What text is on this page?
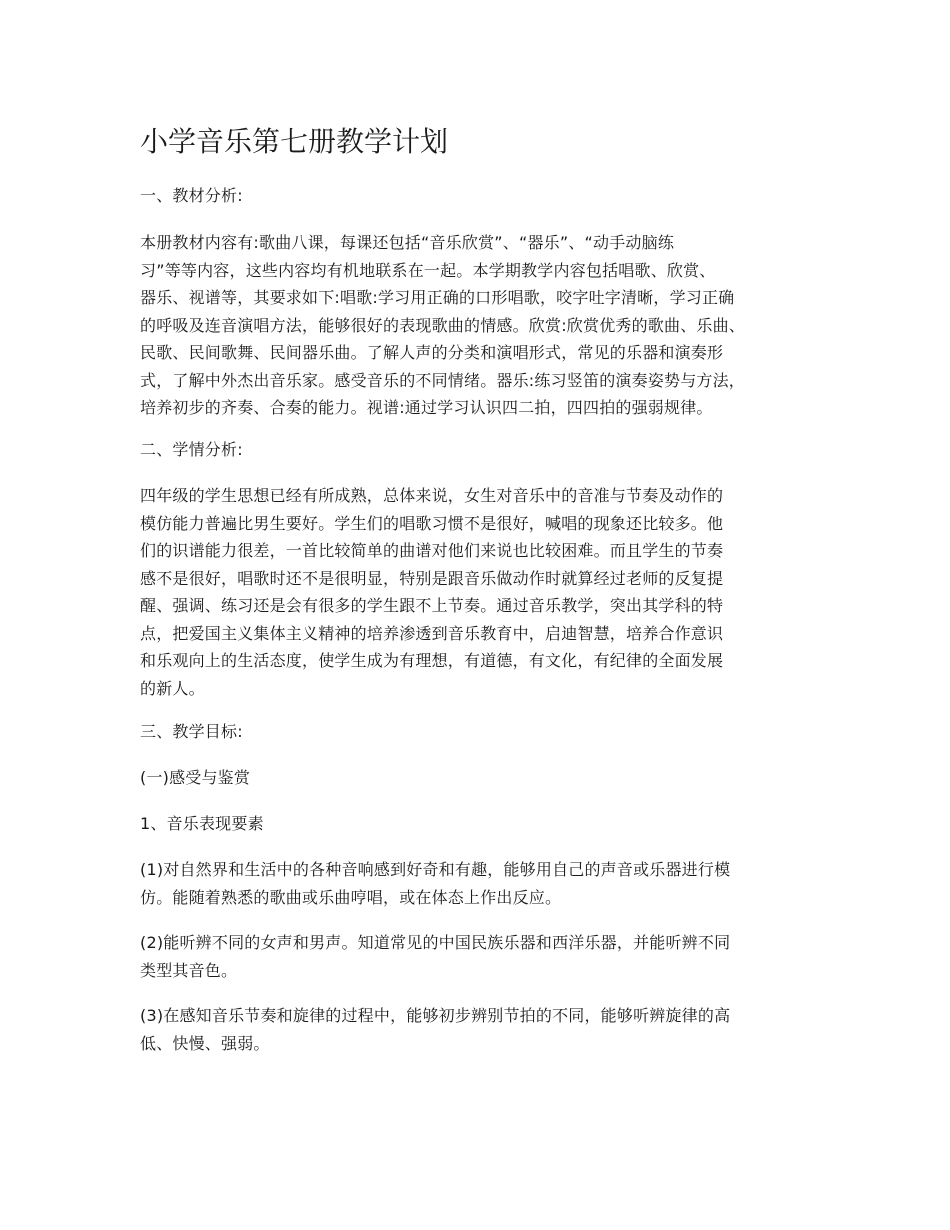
小学音乐第七册教学计划

一、教材分析:

本册教材内容有:歌曲八课，每课还包括“音乐欣赏”、“器乐”、“动手动脑练
习”等等内容，这些内容均有机地联系在一起。本学期教学内容包括唱歌、欣赏、
器乐、视谱等，其要求如下:唱歌:学习用正确的口形唱歌，咬字吐字清晰，学习正确
的呼吸及连音演唱方法，能够很好的表现歌曲的情感。欣赏:欣赏优秀的歌曲、乐曲、
民歌、民间歌舞、民间器乐曲。了解人声的分类和演唱形式，常见的乐器和演奏形
式，了解中外杰出音乐家。感受音乐的不同情绪。器乐:练习竖笛的演奏姿势与方法，
培养初步的齐奏、合奏的能力。视谱:通过学习认识四二拍，四四拍的强弱规律。

二、学情分析:

四年级的学生思想已经有所成熟，总体来说，女生对音乐中的音准与节奏及动作的
模仿能力普遍比男生要好。学生们的唱歌习惯不是很好，喊唱的现象还比较多。他
们的识谱能力很差，一首比较简单的曲谱对他们来说也比较困难。而且学生的节奏
感不是很好，唱歌时还不是很明显，特别是跟音乐做动作时就算经过老师的反复提
醒、强调、练习还是会有很多的学生跟不上节奏。通过音乐教学，突出其学科的特
点，把爱国主义集体主义精神的培养渗透到音乐教育中，启迪智慧，培养合作意识
和乐观向上的生活态度，使学生成为有理想，有道德，有文化，有纪律的全面发展
的新人。

三、教学目标:

(一)感受与鉴赏

1、音乐表现要素

(1)对自然界和生活中的各种音响感到好奇和有趣，能够用自己的声音或乐器进行模
仿。能随着熟悉的歌曲或乐曲哼唱，或在体态上作出反应。

(2)能听辨不同的女声和男声。知道常见的中国民族乐器和西洋乐器，并能听辨不同
类型其音色。

(3)在感知音乐节奏和旋律的过程中，能够初步辨别节拍的不同，能够听辨旋律的高
低、快慢、强弱。
